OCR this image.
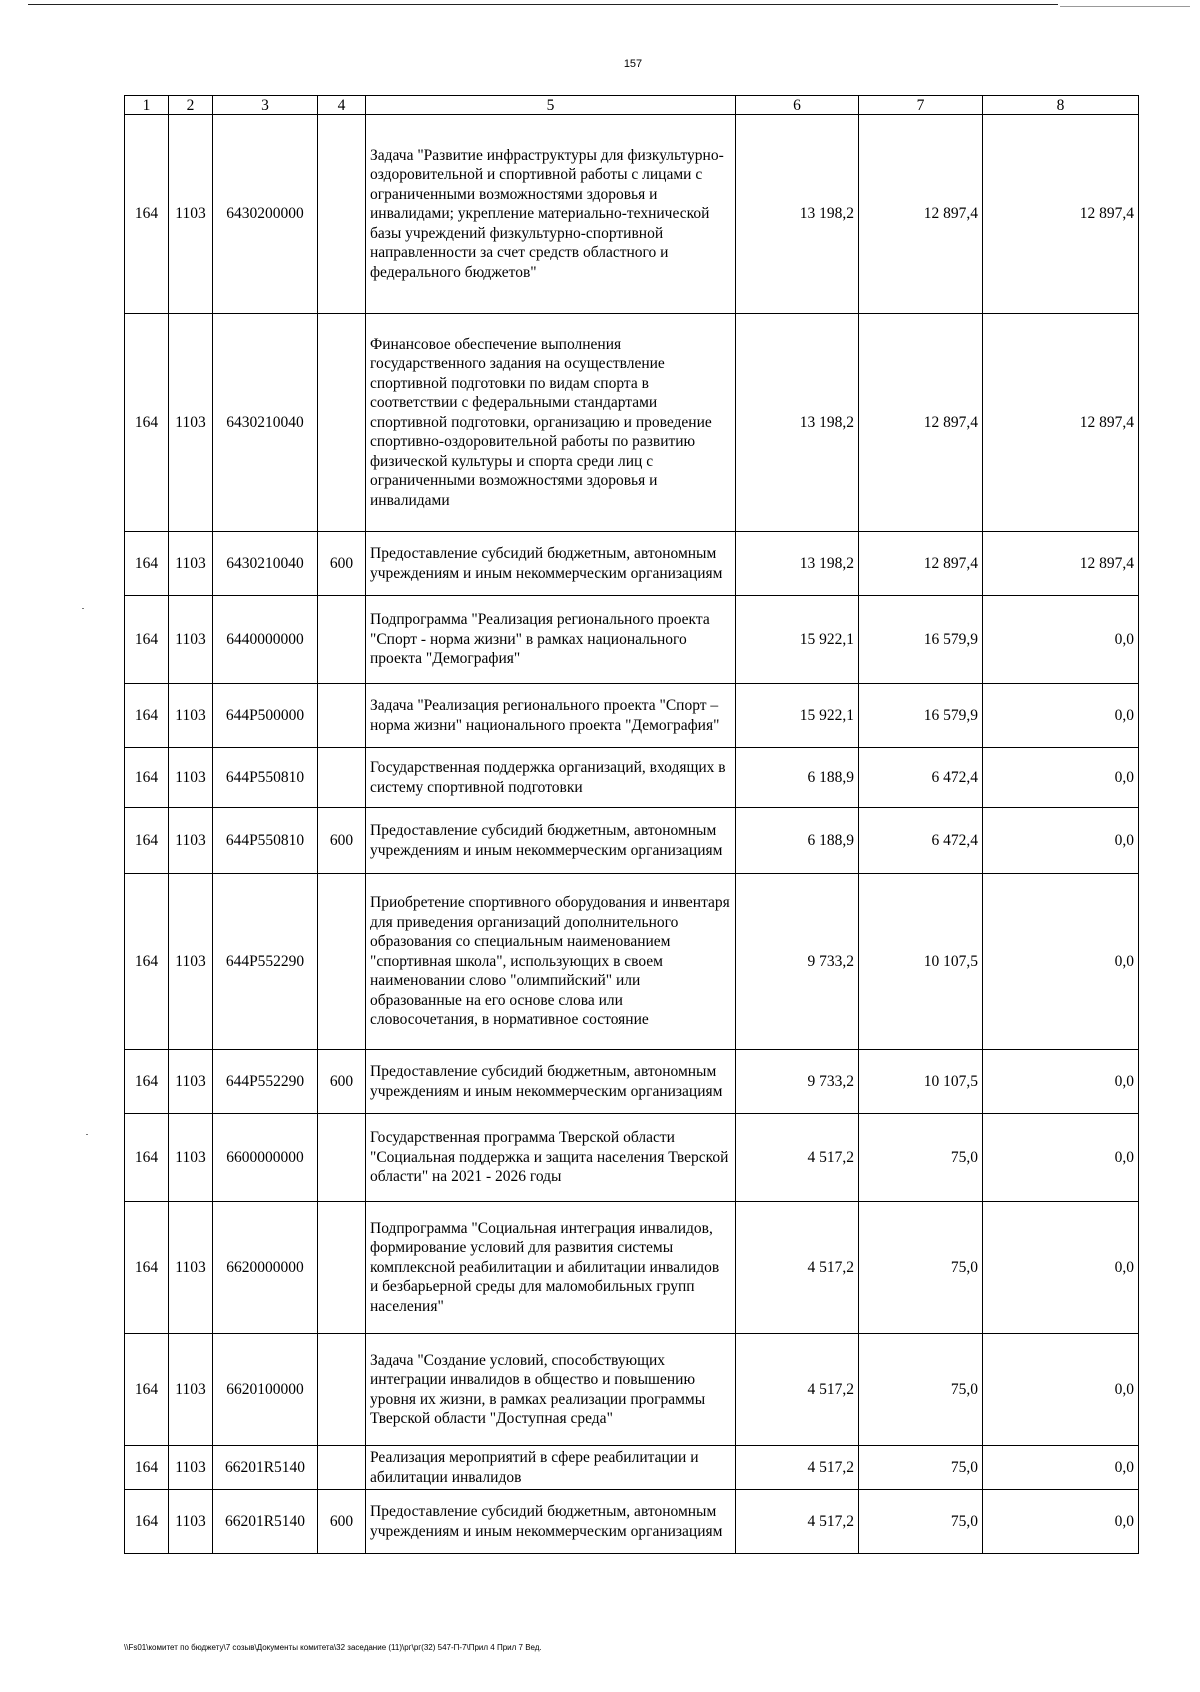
157
1	2	3	4	5	6	7	8
164	1103	6430200000		Задача "Развитие инфраструктуры для физкультурно-оздоровительной и спортивной работы с лицами с ограниченными возможностями здоровья и инвалидами; укрепление материально-технической базы учреждений физкультурно-спортивной направленности за счет средств областного и федерального бюджетов"	13 198,2	12 897,4	12 897,4
164	1103	6430210040		Финансовое обеспечение выполнения государственного задания на осуществление спортивной подготовки по видам спорта в соответствии с федеральными стандартами спортивной подготовки, организацию и проведение спортивно-оздоровительной работы по развитию физической культуры и спорта среди лиц с ограниченными возможностями здоровья и инвалидами	13 198,2	12 897,4	12 897,4
164	1103	6430210040	600	Предоставление субсидий бюджетным, автономным учреждениям и иным некоммерческим организациям	13 198,2	12 897,4	12 897,4
164	1103	6440000000		Подпрограмма "Реализация регионального проекта "Спорт - норма жизни" в рамках национального проекта "Демография"	15 922,1	16 579,9	0,0
164	1103	644P500000		Задача "Реализация регионального проекта "Спорт – норма жизни" национального проекта "Демография"	15 922,1	16 579,9	0,0
164	1103	644P550810		Государственная поддержка организаций, входящих в систему спортивной подготовки	6 188,9	6 472,4	0,0
164	1103	644P550810	600	Предоставление субсидий бюджетным, автономным учреждениям и иным некоммерческим организациям	6 188,9	6 472,4	0,0
164	1103	644P552290		Приобретение спортивного оборудования и инвентаря для приведения организаций дополнительного образования со специальным наименованием "спортивная школа", использующих в своем наименовании слово "олимпийский" или образованные на его основе слова или словосочетания, в нормативное состояние	9 733,2	10 107,5	0,0
164	1103	644P552290	600	Предоставление субсидий бюджетным, автономным учреждениям и иным некоммерческим организациям	9 733,2	10 107,5	0,0
164	1103	6600000000		Государственная программа Тверской области "Социальная поддержка и защита населения Тверской области" на 2021 - 2026 годы	4 517,2	75,0	0,0
164	1103	6620000000		Подпрограмма "Социальная интеграция инвалидов, формирование условий для развития системы комплексной реабилитации и абилитации инвалидов и безбарьерной среды для маломобильных групп населения"	4 517,2	75,0	0,0
164	1103	6620100000		Задача "Создание условий, способствующих интеграции инвалидов в общество и повышению уровня их жизни, в рамках реализации программы Тверской области "Доступная среда"	4 517,2	75,0	0,0
164	1103	66201R5140		Реализация мероприятий в сфере реабилитации и абилитации инвалидов	4 517,2	75,0	0,0
164	1103	66201R5140	600	Предоставление субсидий бюджетным, автономным учреждениям и иным некоммерческим организациям	4 517,2	75,0	0,0
\\Fs01\комитет по бюджету\7 созыв\Документы комитета\32 заседание (11)\рг\рг(32) 547-П-7\Прил 4 Прил 7 Вед.
